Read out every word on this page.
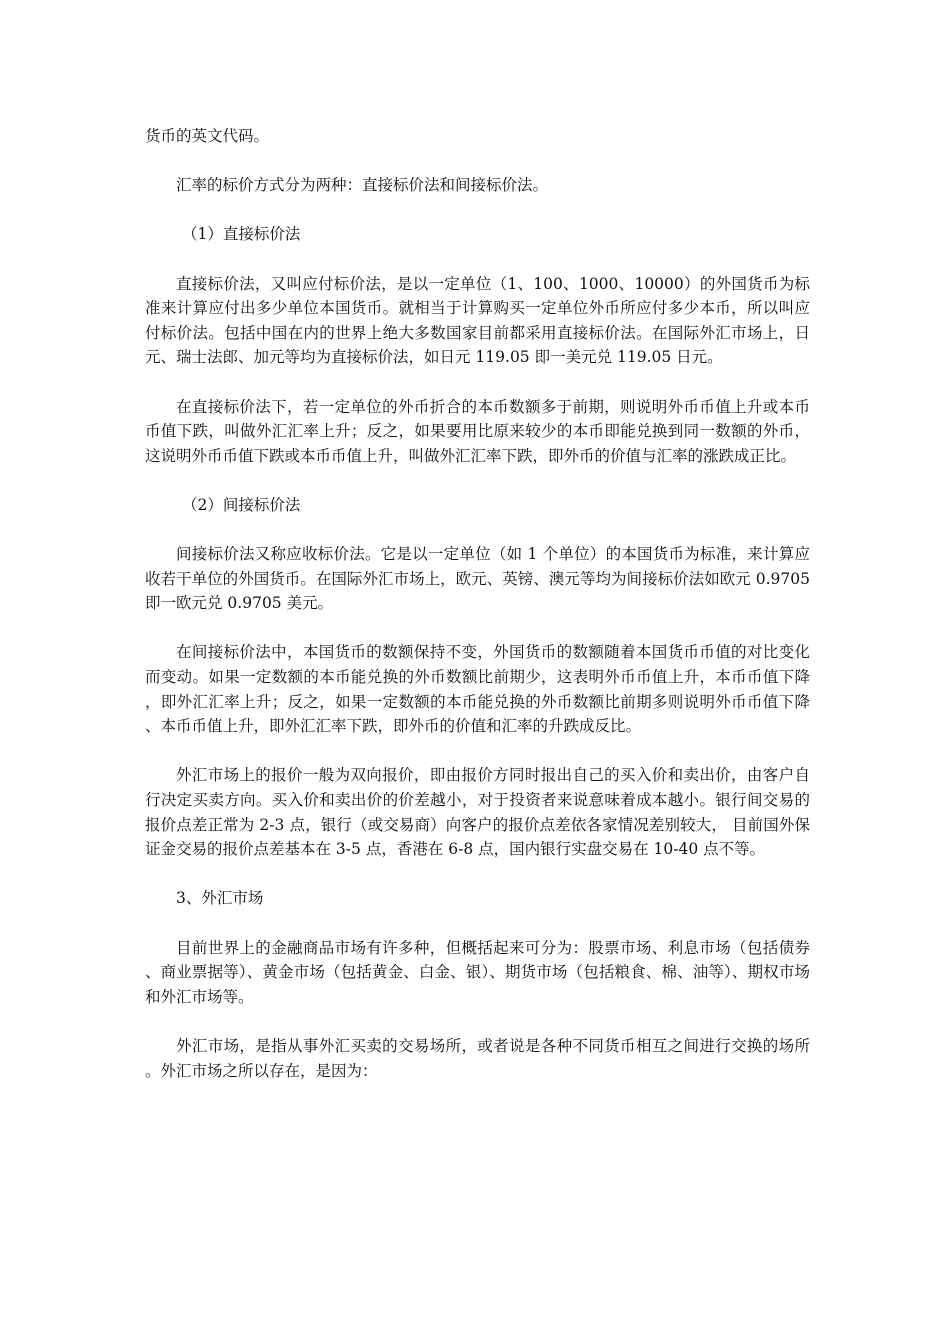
货币的英文代码。

汇率的标价方式分为两种：直接标价法和间接标价法。

（1）直接标价法

直接标价法，又叫应付标价法，是以一定单位（1、100、1000、10000）的外国货币为标准来计算应付出多少单位本国货币。就相当于计算购买一定单位外币所应付多少本币，所以叫应付标价法。包括中国在内的世界上绝大多数国家目前都采用直接标价法。在国际外汇市场上，日元、瑞士法郎、加元等均为直接标价法，如日元 119.05 即一美元兑 119.05 日元。

在直接标价法下，若一定单位的外币折合的本币数额多于前期，则说明外币币值上升或本币币值下跌，叫做外汇汇率上升；反之，如果要用比原来较少的本币即能兑换到同一数额的外币，这说明外币币值下跌或本币币值上升，叫做外汇汇率下跌，即外币的价值与汇率的涨跌成正比。

（2）间接标价法

间接标价法又称应收标价法。它是以一定单位（如 1 个单位）的本国货币为标准，来计算应收若干单位的外国货币。在国际外汇市场上，欧元、英镑、澳元等均为间接标价法如欧元 0.9705 即一欧元兑 0.9705 美元。

在间接标价法中，本国货币的数额保持不变，外国货币的数额随着本国货币币值的对比变化而变动。如果一定数额的本币能兑换的外币数额比前期少，这表明外币币值上升，本币币值下降，即外汇汇率上升；反之，如果一定数额的本币能兑换的外币数额比前期多则说明外币币值下降、本币币值上升，即外汇汇率下跌，即外币的价值和汇率的升跌成反比。

外汇市场上的报价一般为双向报价，即由报价方同时报出自己的买入价和卖出价，由客户自行决定买卖方向。买入价和卖出价的价差越小，对于投资者来说意味着成本越小。银行间交易的报价点差正常为 2-3 点，银行（或交易商）向客户的报价点差依各家情况差别较大， 目前国外保证金交易的报价点差基本在 3-5 点，香港在 6-8 点，国内银行实盘交易在 10-40 点不等。

3、外汇市场

目前世界上的金融商品市场有许多种，但概括起来可分为：股票市场、利息市场（包括债券、商业票据等）、黄金市场（包括黄金、白金、银）、期货市场（包括粮食、棉、油等）、期权市场和外汇市场等。

外汇市场，是指从事外汇买卖的交易场所，或者说是各种不同货币相互之间进行交换的场所。外汇市场之所以存在，是因为：
